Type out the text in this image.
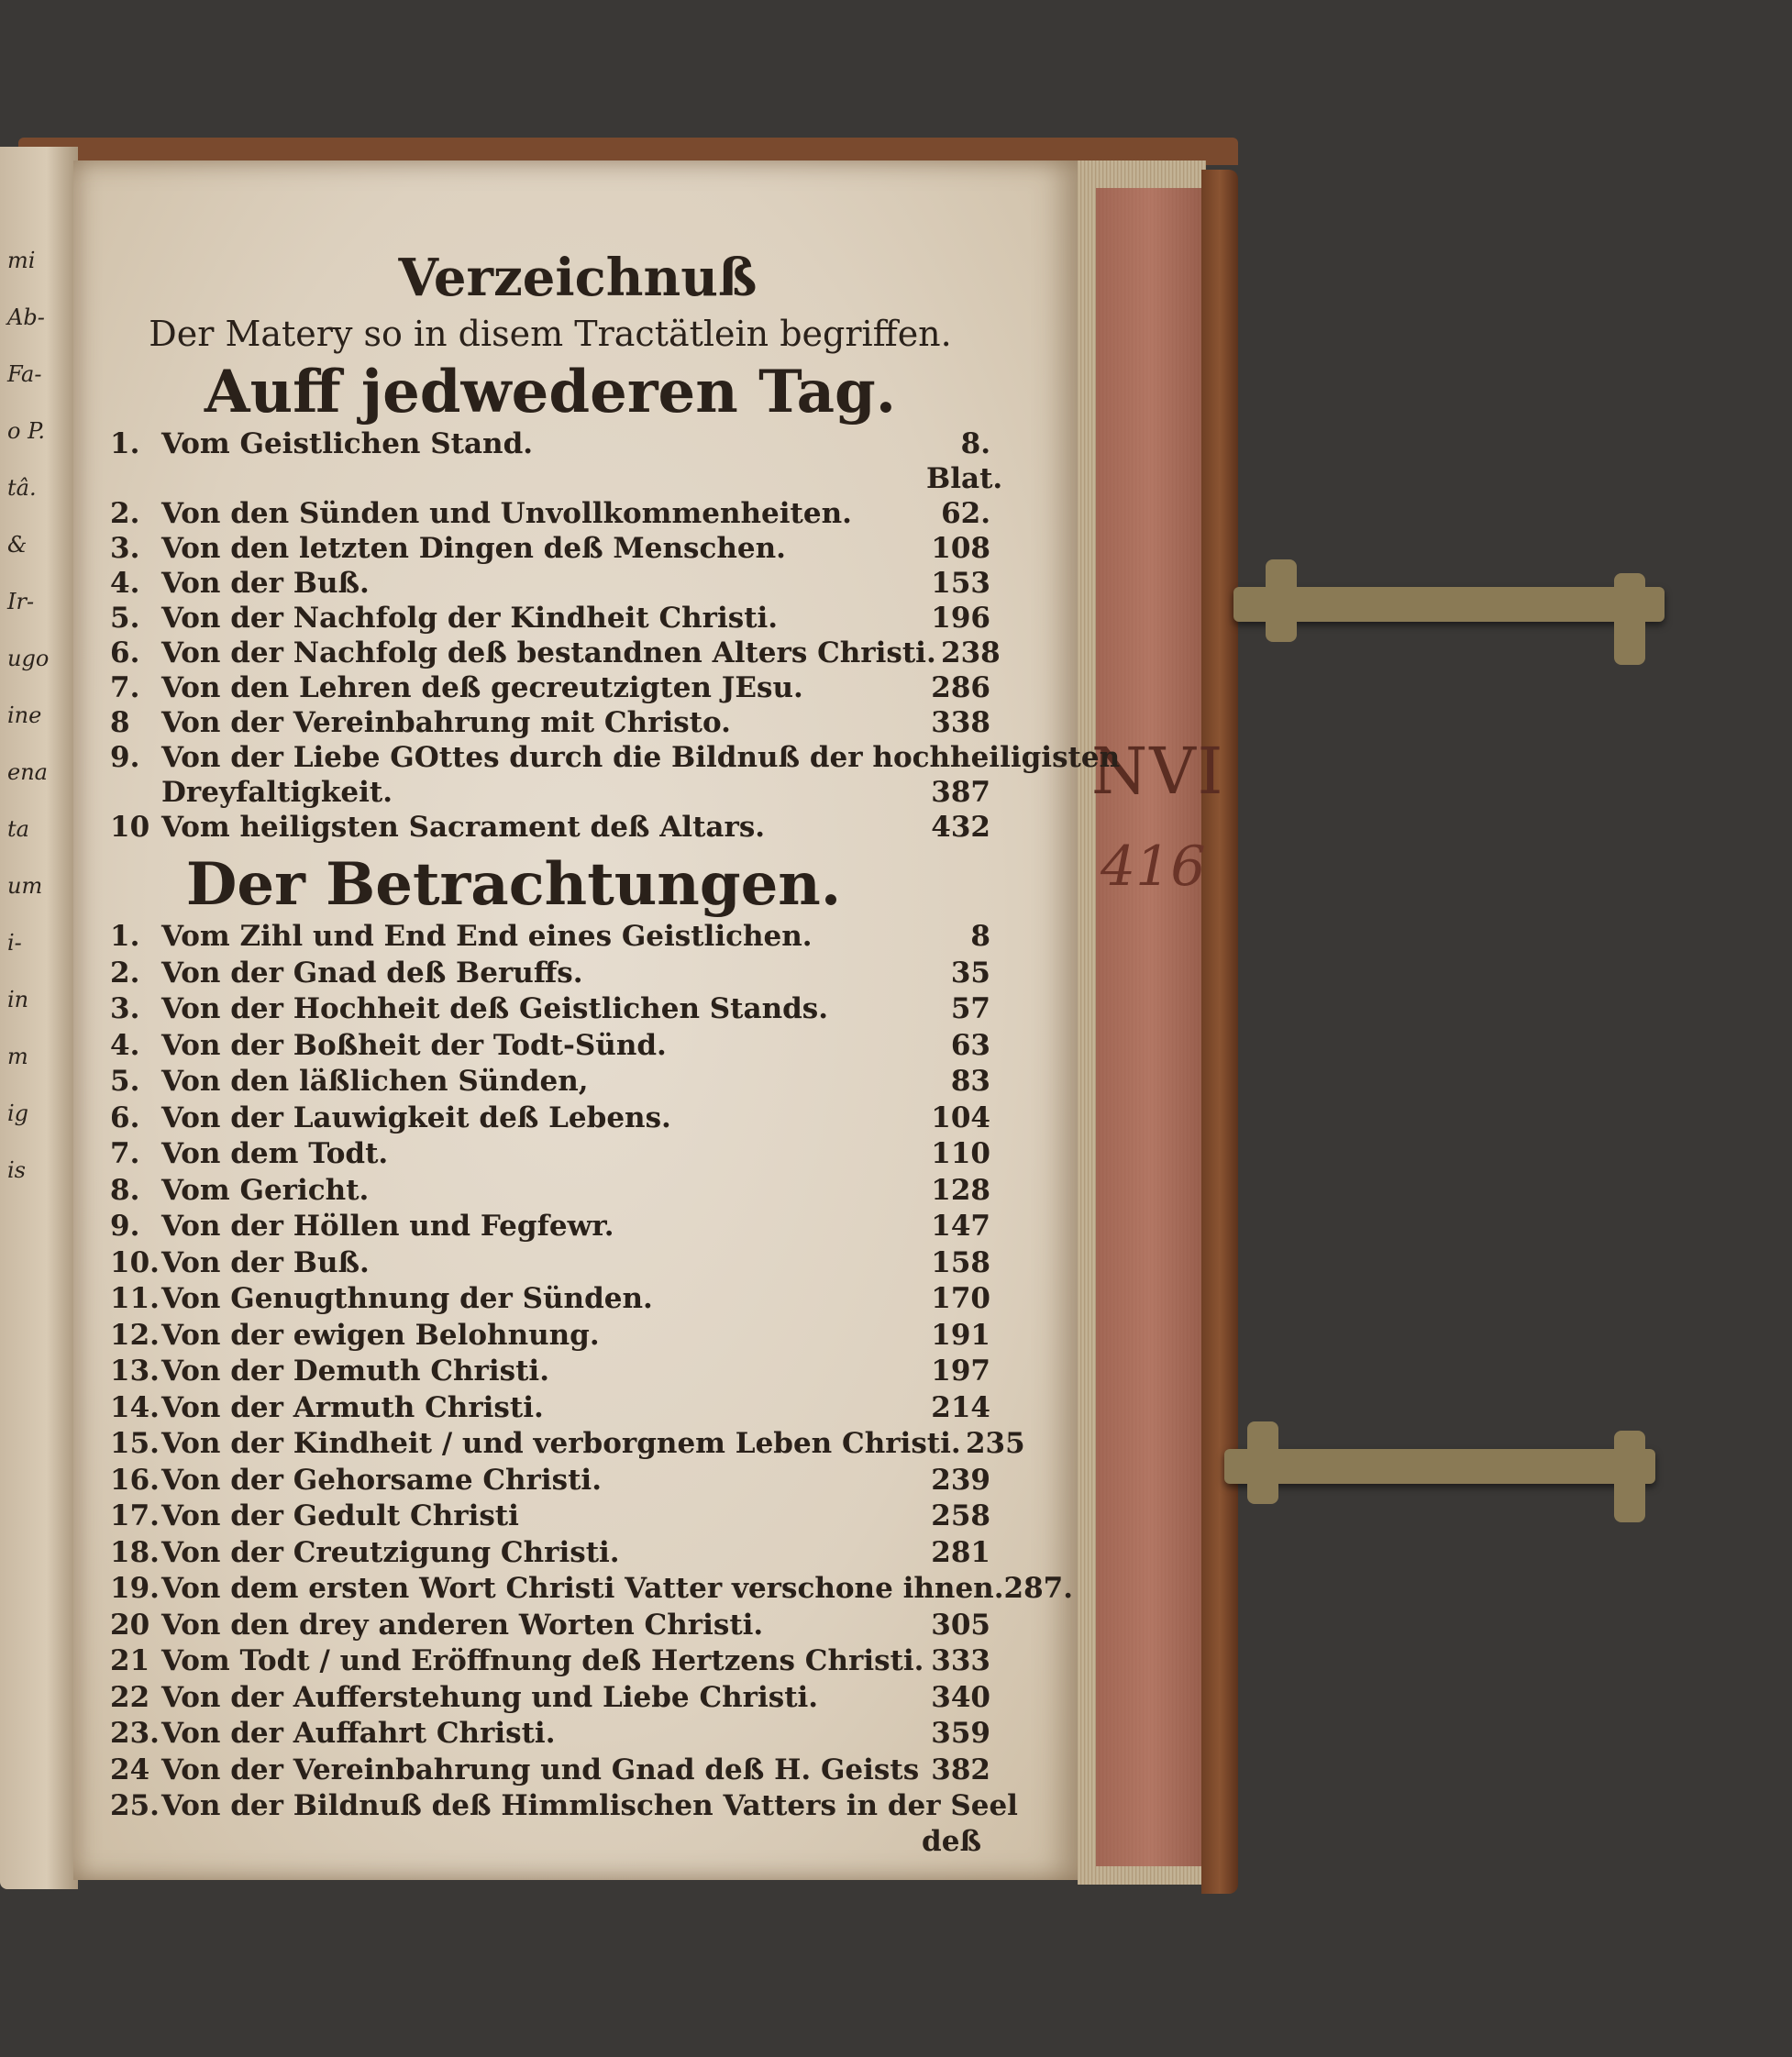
mi
Ab-
Fa-
o P.
tâ.
&
Ir-
ugo
ine
ena
ta
um
i-
in
m
ig
is
NVI
416
Verzeichnuß
Der Matery so in disem Tractätlein begriffen.
Auff jedwederen Tag.
1. Vom Geistlichen Stand.	8. Blat.
2. Von den Sünden und Unvollkommenheiten.	62.
3. Von den letzten Dingen deß Menschen.	108
4. Von der Buß.	153
5. Von der Nachfolg der Kindheit Christi.	196
6. Von der Nachfolg deß bestandnen Alters Christi. 238
7. Von den Lehren deß gecreutzigten JEsu.	286
8	Von der Vereinbahrung mit Christo.	338
9. Von der Liebe GOttes durch die Bildnuß der hochheiligisten
Dreyfaltigkeit.	387
10 Vom heiligsten Sacrament deß Altars.	432
Der Betrachtungen.
1. Vom Zihl und End End eines Geistlichen.	8
2. Von der Gnad deß Beruffs.	35
3. Von der Hochheit deß Geistlichen Stands.	57
4. Von der Boßheit der Todt-Sünd.	63
5. Von den läßlichen Sünden,	83
6. Von der Lauwigkeit deß Lebens.	104
7. Von dem Todt.	110
8. Vom Gericht.	128
9. Von der Höllen und Fegfewr.	147
10. Von der Buß.	158
11. Von Genugthnung der Sünden.	170
12. Von der ewigen Belohnung.	191
13. Von der Demuth Christi.	197
14. Von der Armuth Christi.	214
15. Von der Kindheit / und verborgnem Leben Christi. 235
16. Von der Gehorsame Christi.	239
17. Von der Gedult Christi	258
18. Von der Creutzigung Christi.	281
19. Von dem ersten Wort Christi Vatter verschone ihnen. 287.
20 Von den drey anderen Worten Christi.	305
21 Vom Todt / und Eröffnung deß Hertzens Christi. 333
22 Von der Aufferstehung und Liebe Christi.	340
23. Von der Auffahrt Christi.	359
24 Von der Vereinbahrung und Gnad deß H. Geists 382
25. Von der Bildnuß deß Himmlischen Vatters in der Seel
deß
